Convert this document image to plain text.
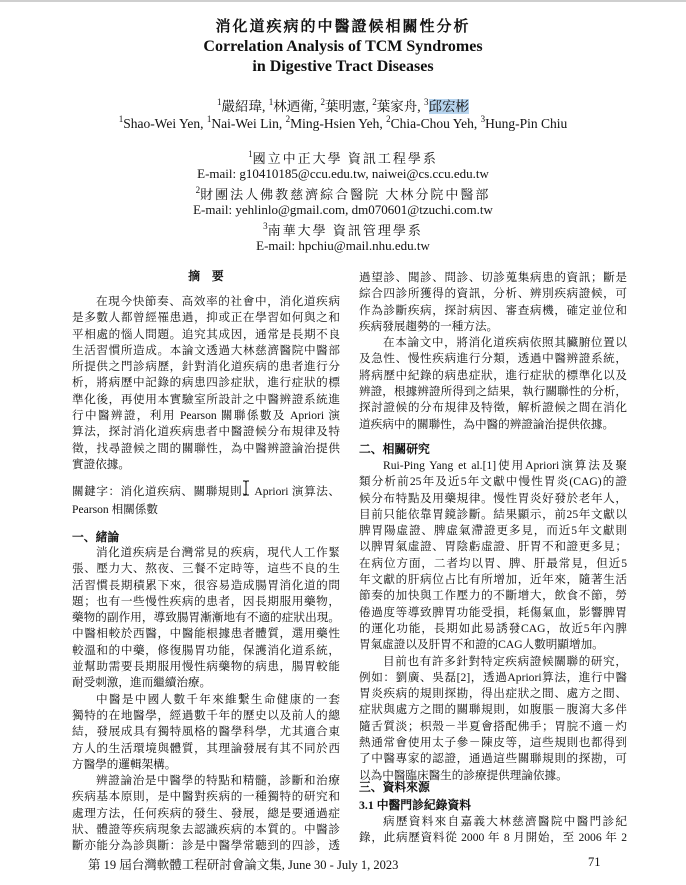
消化道疾病的中醫證候相關性分析
Correlation Analysis of TCM Syndromes
in Digestive Tract Diseases
$^1$嚴紹瑋, $^1$林迺衛, $^2$葉明憲, $^2$葉家舟, $^3$邱宏彬
$^1$Shao-Wei Yen, $^1$Nai-Wei Lin, $^2$Ming-Hsien Yeh, $^2$Chia-Chou Yeh, $^3$Hung-Pin Chiu
$^1$國立中正大學 資訊工程學系
E-mail: g10410185@ccu.edu.tw, naiwei@cs.ccu.edu.tw
$^2$財團法人佛教慈濟綜合醫院 大林分院中醫部
E-mail: yehlinlo@gmail.com, dm070601@tzuchi.com.tw
$^3$南華大學 資訊管理學系
E-mail: hpchiu@mail.nhu.edu.tw
摘　要
在現今快節奏、高效率的社會中，消化道疾病
是多數人都曾經罹患過，抑或正在學習如何與之和
平相處的惱人問題。追究其成因，通常是長期不良
生活習慣所造成。本論文透過大林慈濟醫院中醫部
所提供之門診病歷，針對消化道疾病的患者進行分
析，將病歷中記錄的病患四診症狀，進行症狀的標
準化後，再使用本實驗室所設計之中醫辨證系統進
行中醫辨證，利用 Pearson 關聯係數及 Apriori 演
算法，探討消化道疾病患者中醫證候分布規律及特
徵，找尋證候之間的關聯性，為中醫辨證論治提供
實證依據。
關鍵字：消化道疾病、關聯規則、Apriori 演算法、
Pearson 相關係數
一、緒論
消化道疾病是台灣常見的疾病，現代人工作緊
張、壓力大、熬夜、三餐不定時等，這些不良的生
活習慣長期積累下來，很容易造成腸胃消化道的問
題；也有一些慢性疾病的患者，因長期服用藥物，
藥物的副作用，導致腸胃漸漸地有不適的症狀出現。
中醫相較於西醫，中醫能根據患者體質，選用藥性
較溫和的中藥，修復腸胃功能，保護消化道系統，
並幫助需要長期服用慢性病藥物的病患，腸胃較能
耐受刺激，進而繼續治療。
中醫是中國人數千年來維繫生命健康的一套
獨特的在地醫學，經過數千年的歷史以及前人的總
結，發展成具有獨特風格的醫學科學，尤其適合東
方人的生活環境與體質，其理論發展有其不同於西
方醫學的邏輯架構。
辨證論治是中醫學的特點和精髓，診斷和治療
疾病基本原則，是中醫對疾病的一種獨特的研究和
處理方法，任何疾病的發生、發展，總是要通過症
狀、體證等疾病現象去認識疾病的本質的。中醫診
斷亦能分為診與斷：診是中醫學常聽到的四診，透
過望診、聞診、問診、切診蒐集病患的資訊；斷是
綜合四診所獲得的資訊，分析、辨別疾病證候，可
作為診斷疾病，探討病因、審查病機，確定並位和
疾病發展趨勢的一種方法。
在本論文中，將消化道疾病依照其臟腑位置以
及急性、慢性疾病進行分類，透過中醫辨證系統，
將病歷中紀錄的病患症狀，進行症狀的標準化以及
辨證，根據辨證所得到之結果，執行關聯性的分析，
探討證候的分布規律及特徵，解析證候之間在消化
道疾病中的關聯性，為中醫的辨證論治提供依據。
二、相關研究
Rui-Ping Yang et al.[1]使用Apriori演算法及聚
類分析前25年及近5年文獻中慢性胃炎(CAG)的證
候分布特點及用藥規律。慢性胃炎好發於老年人，
目前只能依靠胃鏡診斷。結果顯示，前25年文獻以
脾胃陽虛證、脾虛氣滯證更多見，而近5年文獻則
以脾胃氣虛證、胃陰虧虛證、肝胃不和證更多見；
在病位方面，二者均以胃、脾、肝最常見，但近5
年文獻的肝病位占比有所增加，近年來，隨著生活
節奏的加快與工作壓力的不斷增大，飲食不節，勞
倦過度等導致脾胃功能受損，耗傷氣血，影響脾胃
的運化功能，長期如此易誘發CAG，故近5年內脾
胃氣虛證以及肝胃不和證的CAG人數明顯增加。
目前也有許多針對特定疾病證候關聯的研究，
例如：劉廣、吳磊[2]，透過Apriori算法，進行中醫
胃炎疾病的規則探勘，得出症狀之間、處方之間、
症狀與處方之間的關聯規則，如腹脹－腹瀉大多伴
隨舌質淡；枳殼－半夏會搭配佛手；胃脘不適－灼
熱通常會使用太子參－陳皮等，這些規則也都得到
了中醫專家的認證，通過這些關聯規則的探勘，可
以為中醫臨床醫生的診療提供理論依據。
三、資料來源
3.1 中醫門診紀錄資料
病歷資料來自嘉義大林慈濟醫院中醫門診紀
錄，此病歷資料從 2000 年 8 月開始，至 2006 年 2
第 19 屆台灣軟體工程研討會論文集, June 30 - July 1, 2023	71
